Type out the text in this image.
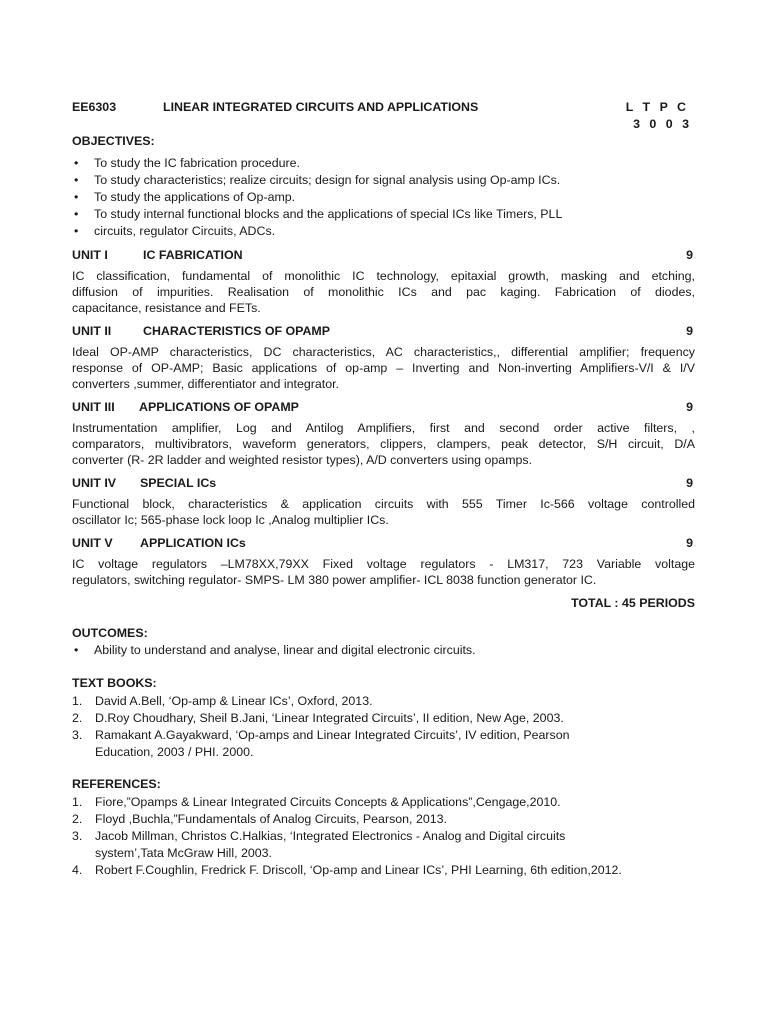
EE6303	LINEAR INTEGRATED CIRCUITS AND APPLICATIONS	L T P C
3 0 0 3
OBJECTIVES:
• To study the IC fabrication procedure.
• To study characteristics; realize circuits; design for signal analysis using Op-amp ICs.
• To study the applications of Op-amp.
• To study internal functional blocks and the applications of special ICs like Timers, PLL
• circuits, regulator Circuits, ADCs.
UNIT I	IC FABRICATION	9
IC classification, fundamental of monolithic IC technology, epitaxial growth, masking and etching,
diffusion of impurities. Realisation of monolithic ICs and pac kaging. Fabrication of diodes,
capacitance, resistance and FETs.
UNIT II	CHARACTERISTICS OF OPAMP	9
Ideal OP-AMP characteristics, DC characteristics, AC characteristics,, differential amplifier; frequency
response of OP-AMP; Basic applications of op-amp – Inverting and Non-inverting Amplifiers-V/I & I/V
converters ,summer, differentiator and integrator.
UNIT III APPLICATIONS OF OPAMP	9
Instrumentation amplifier, Log and Antilog Amplifiers, first and second order active filters, ,
comparators, multivibrators, waveform generators, clippers, clampers, peak detector, S/H circuit, D/A
converter (R- 2R ladder and weighted resistor types), A/D converters using opamps.
UNIT IV SPECIAL ICs	9
Functional block, characteristics & application circuits with 555 Timer Ic-566 voltage controlled
oscillator Ic; 565-phase lock loop Ic ,Analog multiplier ICs.
UNIT V APPLICATION ICs	9
IC voltage regulators –LM78XX,79XX Fixed voltage regulators - LM317, 723 Variable voltage
regulators, switching regulator- SMPS- LM 380 power amplifier- ICL 8038 function generator IC.
TOTAL : 45 PERIODS
OUTCOMES:
• Ability to understand and analyse, linear and digital electronic circuits.
TEXT BOOKS:
1. David A.Bell, ‘Op-amp & Linear ICs’, Oxford, 2013.
2. D.Roy Choudhary, Sheil B.Jani, ‘Linear Integrated Circuits’, II edition, New Age, 2003.
3. Ramakant A.Gayakward, ‘Op-amps and Linear Integrated Circuits’, IV edition, Pearson
Education, 2003 / PHI. 2000.
REFERENCES:
1. Fiore,”Opamps & Linear Integrated Circuits Concepts & Applications”,Cengage,2010.
2. Floyd ,Buchla,”Fundamentals of Analog Circuits, Pearson, 2013.
3. Jacob Millman, Christos C.Halkias, ‘Integrated Electronics - Analog and Digital circuits
system’,Tata McGraw Hill, 2003.
4. Robert F.Coughlin, Fredrick F. Driscoll, ‘Op-amp and Linear ICs’, PHI Learning, 6th edition,2012.
